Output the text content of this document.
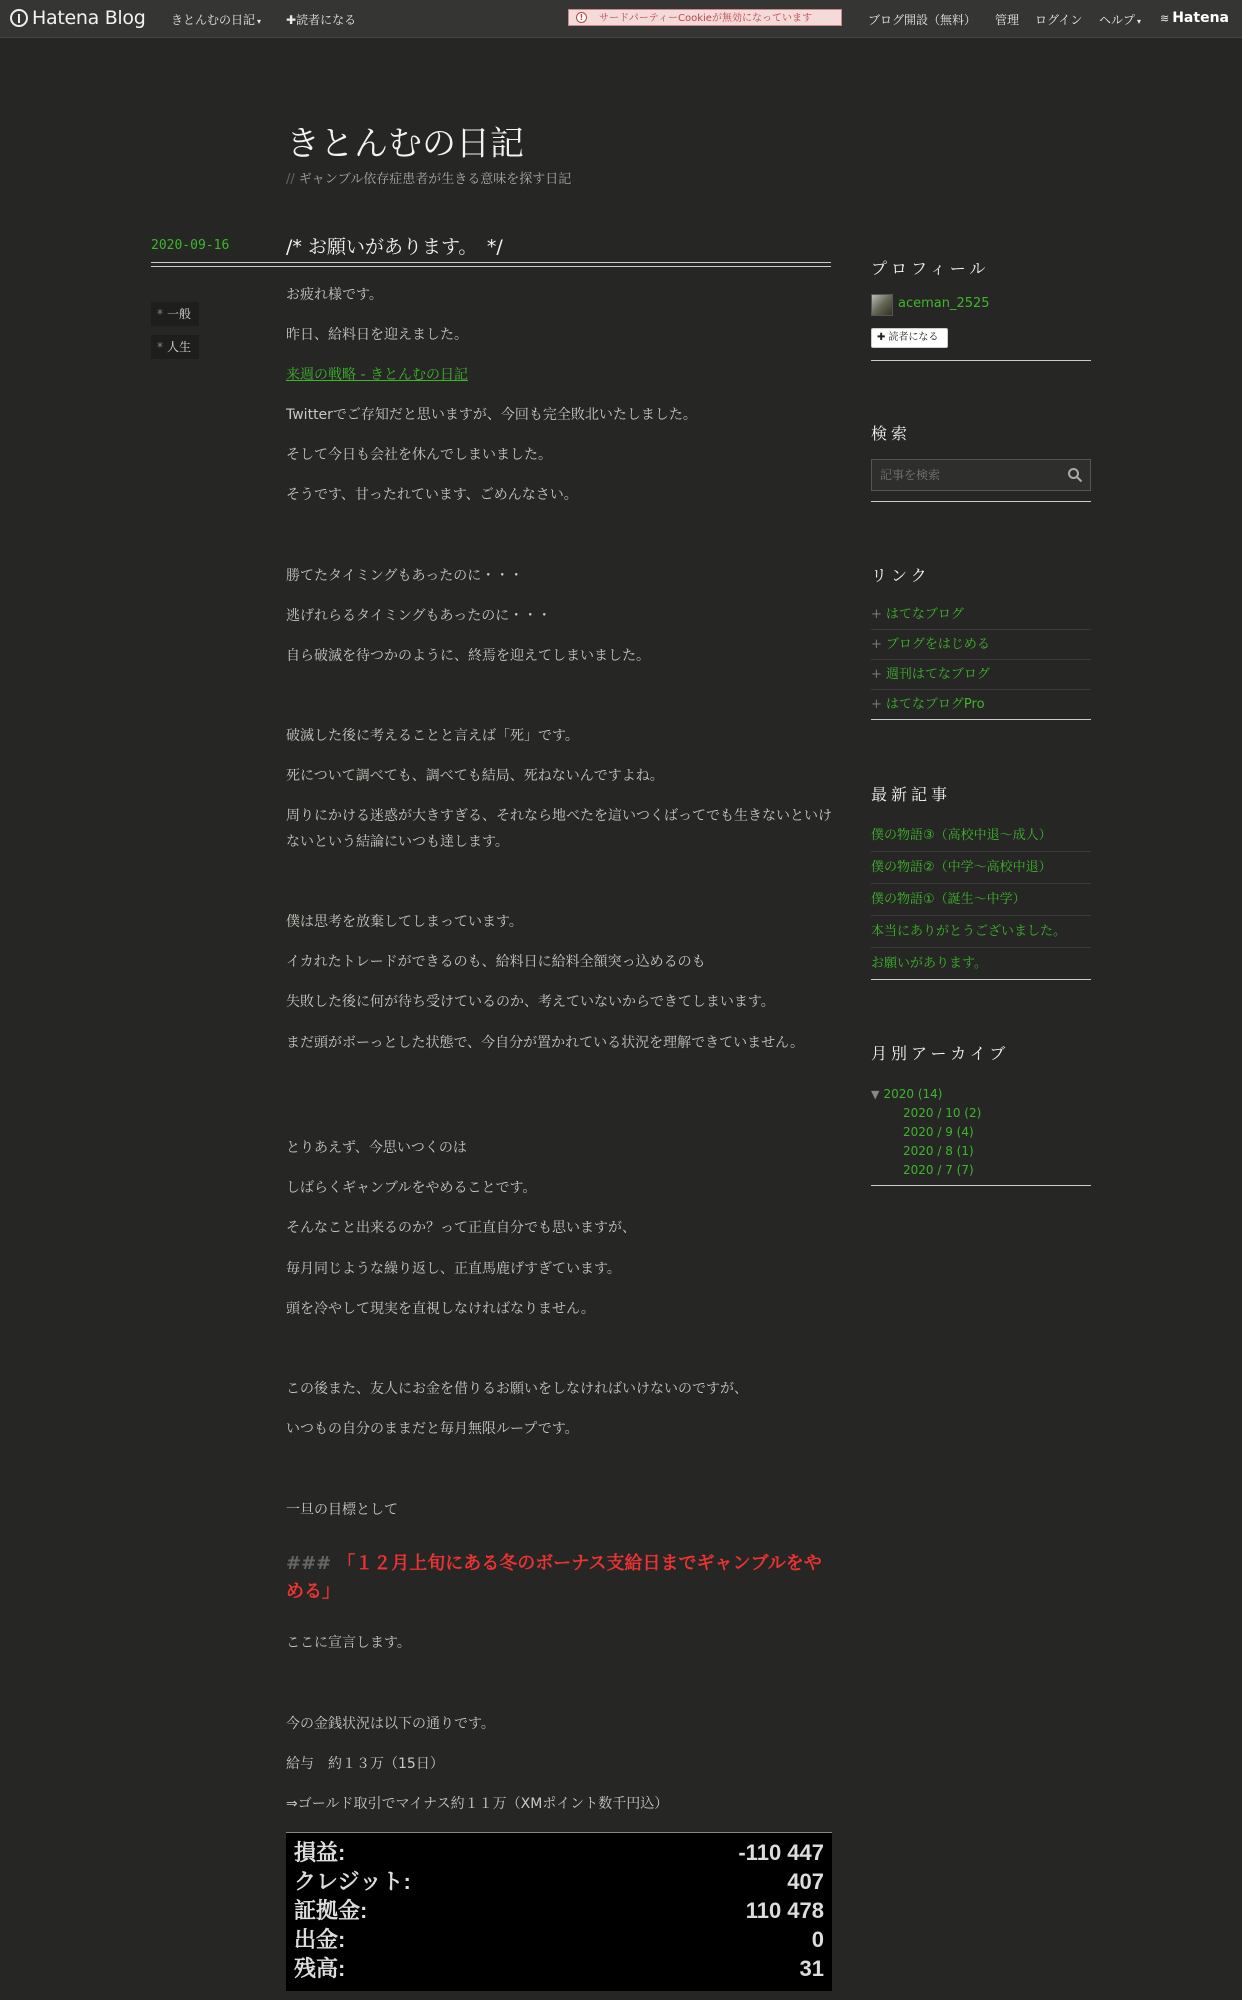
Hatena Blog きとんむの日記 ▾ ✚読者になる	!	サードパーティーCookieが無効になっています	ブログ開設（無料） 管理 ログイン ヘルプ ▾ ≋ Hatena
きとんむの日記
// ギャンブル依存症患者が生きる意味を探す日記
2020-09-16	/* お願いがあります。　*/
* 一般
* 人生

お疲れ様です。

昨日、給料日を迎えました。

来週の戦略 - きとんむの日記

Twitterでご存知だと思いますが、今回も完全敗北いたしました。

そして今日も会社を休んでしまいました。

そうです、甘ったれています、ごめんなさい。

勝てたタイミングもあったのに・・・

逃げれらるタイミングもあったのに・・・

自ら破滅を待つかのように、終焉を迎えてしまいました。

破滅した後に考えることと言えば「死」です。

死について調べても、調べても結局、死ねないんですよね。

周りにかける迷惑が大きすぎる、それなら地べたを這いつくばってでも生きないといけないという結論にいつも達します。

僕は思考を放棄してしまっています。

イカれたトレードができるのも、給料日に給料全額突っ込めるのも

失敗した後に何が待ち受けているのか、考えていないからできてしまいます。

まだ頭がボーっとした状態で、今自分が置かれている状況を理解できていません。

とりあえず、今思いつくのは

しばらくギャンブルをやめることです。

そんなこと出来るのか？って正直自分でも思いますが、

毎月同じような繰り返し、正直馬鹿げすぎています。

頭を冷やして現実を直視しなければなりません。

この後また、友人にお金を借りるお願いをしなければいけないのですが、

いつもの自分のままだと毎月無限ループです。

一旦の目標として

ここに宣言します。

今の金銭状況は以下の通りです。

給与　約１３万（15日）

⇒ゴールド取引でマイナス約１１万（XMポイント数千円込）

### 「１２月上旬にある冬のボーナス支給日までギャンブルをやめる」
損益:	-110 447
クレジット:	407
証拠金:	110 478
出金:	0
残高:	31
プロフィール
aceman_2525
✚ 読者になる
検索
記事を検索
リンク
+ はてなブログ
+ ブログをはじめる
+ 週刊はてなブログ
+ はてなブログPro
最新記事
僕の物語③（高校中退～成人）
僕の物語②（中学～高校中退）
僕の物語①（誕生～中学）
本当にありがとうございました。
お願いがあります。
月別アーカイブ
▼ 2020 (14)
2020 / 10 (2)
2020 / 9 (4)
2020 / 8 (1)
2020 / 7 (7)
